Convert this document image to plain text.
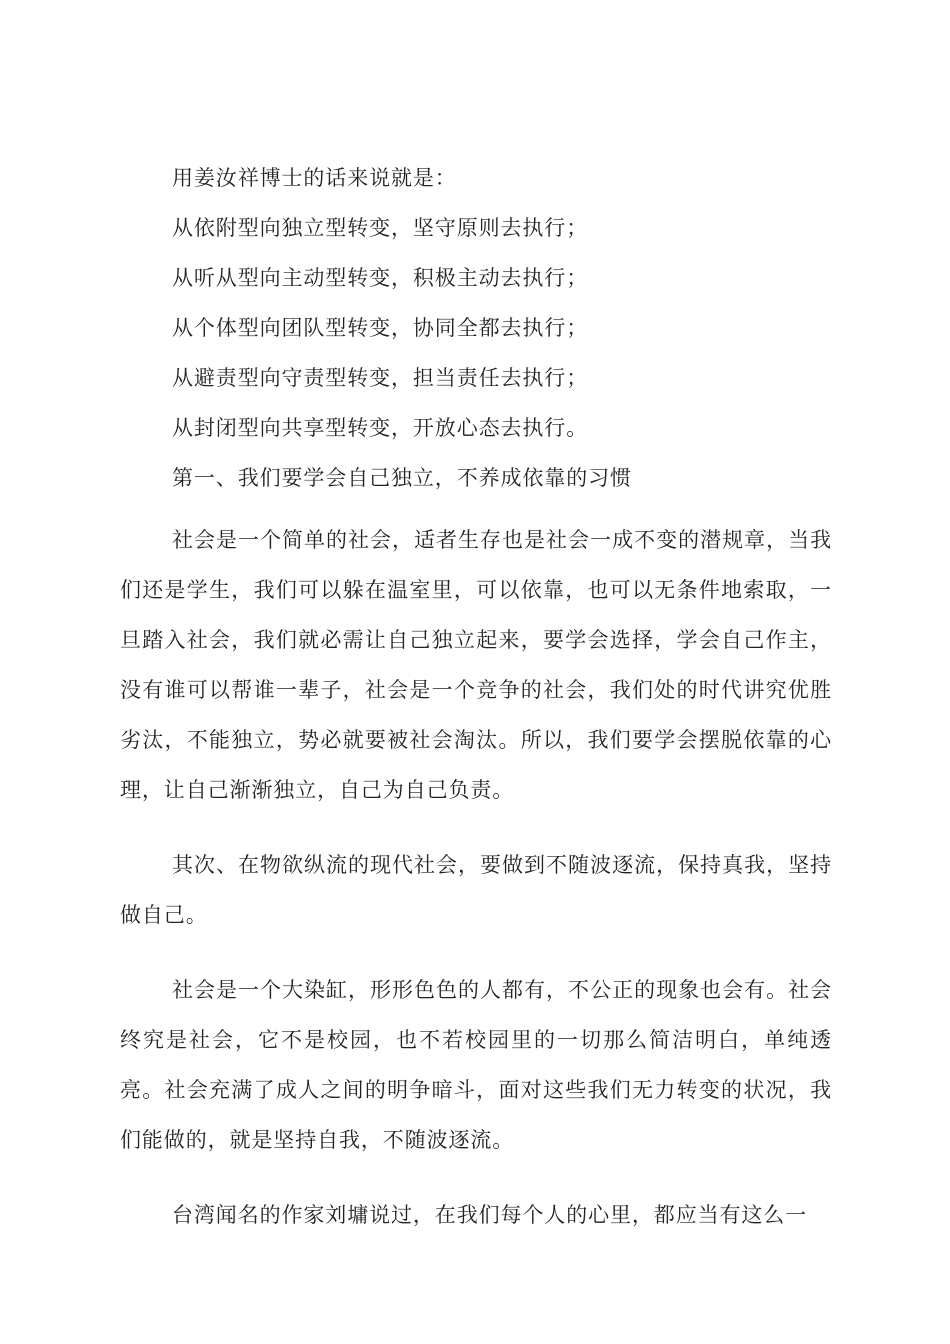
用姜汝祥博士的话来说就是：
从依附型向独立型转变，坚守原则去执行；
从听从型向主动型转变，积极主动去执行；
从个体型向团队型转变，协同全都去执行；
从避责型向守责型转变，担当责任去执行；
从封闭型向共享型转变，开放心态去执行。
第一、我们要学会自己独立，不养成依靠的习惯

社会是一个简单的社会，适者生存也是社会一成不变的潜规章，当我们还是学生，我们可以躲在温室里，可以依靠，也可以无条件地索取，一旦踏入社会，我们就必需让自己独立起来，要学会选择，学会自己作主，没有谁可以帮谁一辈子，社会是一个竞争的社会，我们处的时代讲究优胜劣汰，不能独立，势必就要被社会淘汰。所以，我们要学会摆脱依靠的心理，让自己渐渐独立，自己为自己负责。

其次、在物欲纵流的现代社会，要做到不随波逐流，保持真我，坚持做自己。

社会是一个大染缸，形形色色的人都有，不公正的现象也会有。社会终究是社会，它不是校园，也不若校园里的一切那么简洁明白，单纯透亮。社会充满了成人之间的明争暗斗，面对这些我们无力转变的状况，我们能做的，就是坚持自我，不随波逐流。

台湾闻名的作家刘墉说过，在我们每个人的心里，都应当有这么一
